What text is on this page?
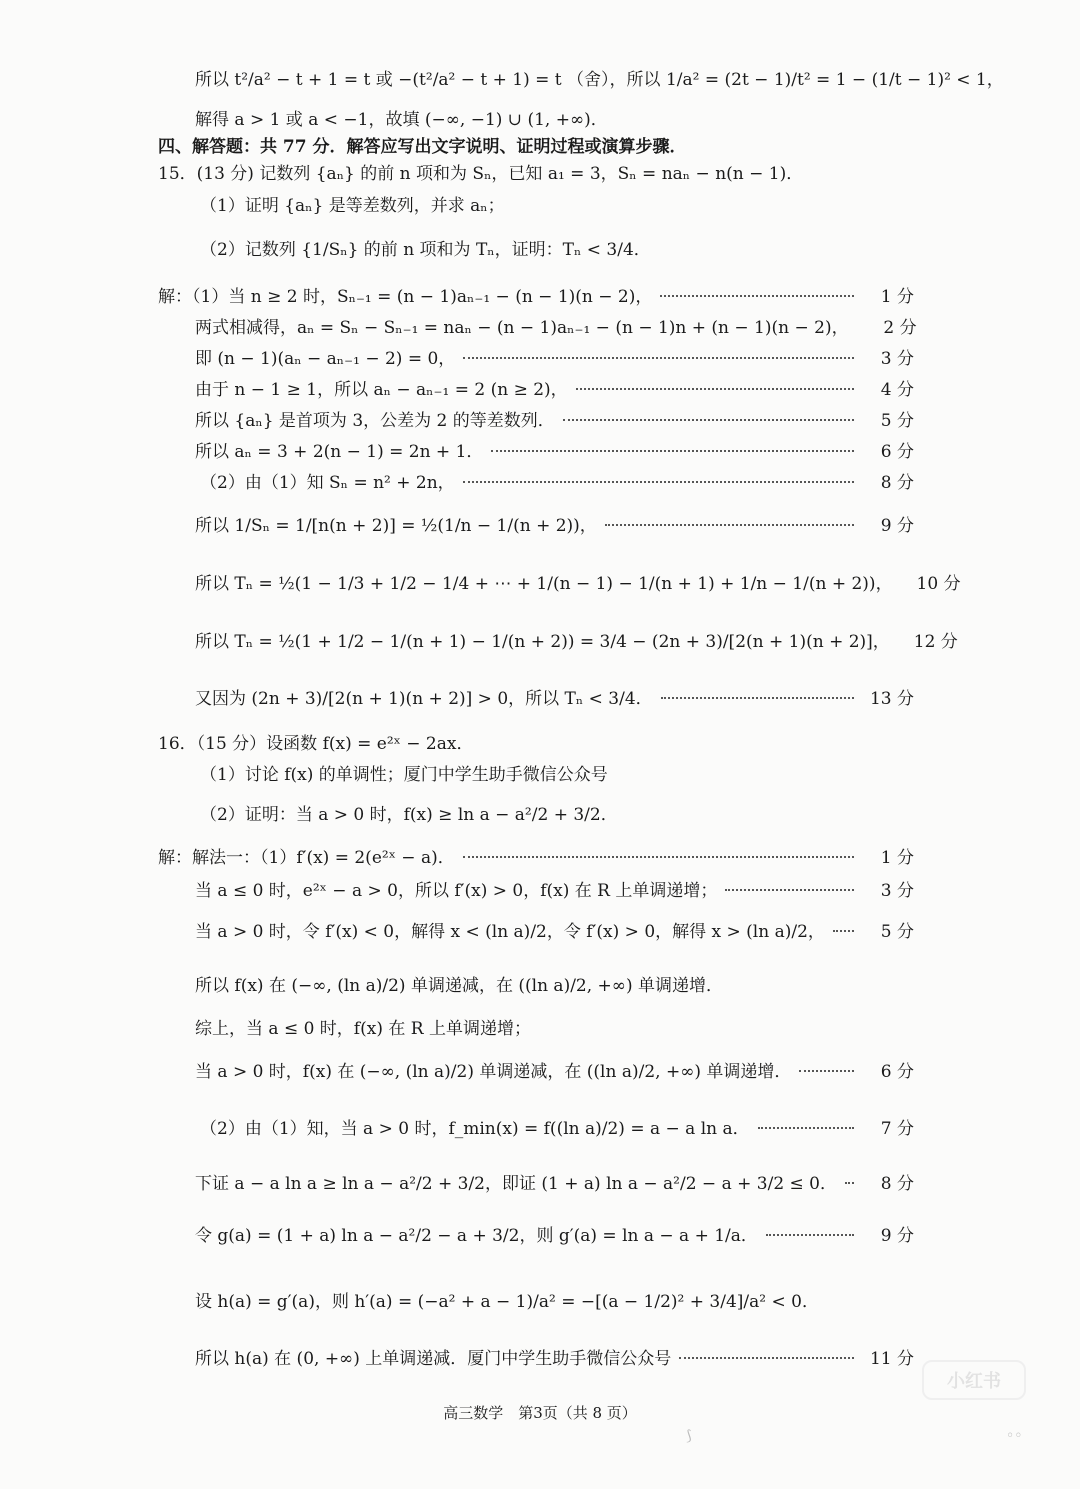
所以 t²/a² − t + 1 = t 或 −(t²/a² − t + 1) = t （舍），所以 1/a² = (2t − 1)/t² = 1 − (1/t − 1)² < 1，
解得 a > 1 或 a < −1，故填 (−∞, −1) ∪ (1, +∞)．
四、解答题：共 77 分．解答应写出文字说明、证明过程或演算步骤．
15．(13 分) 记数列 {aₙ} 的前 n 项和为 Sₙ，已知 a₁ = 3，Sₙ = naₙ − n(n − 1)．
（1）证明 {aₙ} 是等差数列，并求 aₙ；
（2）记数列 {1/Sₙ} 的前 n 项和为 Tₙ，证明：Tₙ < 3/4．
解：（1）当 n ≥ 2 时，Sₙ₋₁ = (n − 1)aₙ₋₁ − (n − 1)(n − 2)，	1 分
两式相减得，aₙ = Sₙ − Sₙ₋₁ = naₙ − (n − 1)aₙ₋₁ − (n − 1)n + (n − 1)(n − 2)，	2 分
即 (n − 1)(aₙ − aₙ₋₁ − 2) = 0，	3 分
由于 n − 1 ≥ 1，所以 aₙ − aₙ₋₁ = 2 (n ≥ 2)，	4 分
所以 {aₙ} 是首项为 3，公差为 2 的等差数列．	5 分
所以 aₙ = 3 + 2(n − 1) = 2n + 1．	6 分
（2）由（1）知 Sₙ = n² + 2n，	8 分
所以 1/Sₙ = 1/[n(n + 2)] = ½(1/n − 1/(n + 2))，	9 分
所以 Tₙ = ½(1 − 1/3 + 1/2 − 1/4 + ⋯ + 1/(n − 1) − 1/(n + 1) + 1/n − 1/(n + 2))，	10 分
所以 Tₙ = ½(1 + 1/2 − 1/(n + 1) − 1/(n + 2)) = 3/4 − (2n + 3)/[2(n + 1)(n + 2)]，	12 分
又因为 (2n + 3)/[2(n + 1)(n + 2)] > 0，所以 Tₙ < 3/4．	13 分
16．（15 分）设函数 f(x) = e²ˣ − 2ax．
（1）讨论 f(x) 的单调性；厦门中学生助手微信公众号
（2）证明：当 a > 0 时，f(x) ≥ ln a − a²/2 + 3/2．
解：解法一：（1）f′(x) = 2(e²ˣ − a)．	1 分
当 a ≤ 0 时，e²ˣ − a > 0，所以 f′(x) > 0，f(x) 在 R 上单调递增；	3 分
当 a > 0 时，令 f′(x) < 0，解得 x < (ln a)/2，令 f′(x) > 0，解得 x > (ln a)/2，	5 分
所以 f(x) 在 (−∞, (ln a)/2) 单调递减，在 ((ln a)/2, +∞) 单调递增．
综上，当 a ≤ 0 时，f(x) 在 R 上单调递增；
当 a > 0 时，f(x) 在 (−∞, (ln a)/2) 单调递减，在 ((ln a)/2, +∞) 单调递增．	6 分
（2）由（1）知，当 a > 0 时，f_min(x) = f((ln a)/2) = a − a ln a．	7 分
下证 a − a ln a ≥ ln a − a²/2 + 3/2，即证 (1 + a) ln a − a²/2 − a + 3/2 ≤ 0．	8 分
令 g(a) = (1 + a) ln a − a²/2 − a + 3/2，则 g′(a) = ln a − a + 1/a．	9 分
设 h(a) = g′(a)，则 h′(a) = (−a² + a − 1)/a² = −[(a − 1/2)² + 3/4]/a² < 0．
所以 h(a) 在 (0, +∞) 上单调递减．厦门中学生助手微信公众号	11 分
高三数学　第3页（共 8 页）
小红书
⟆	◦◦
